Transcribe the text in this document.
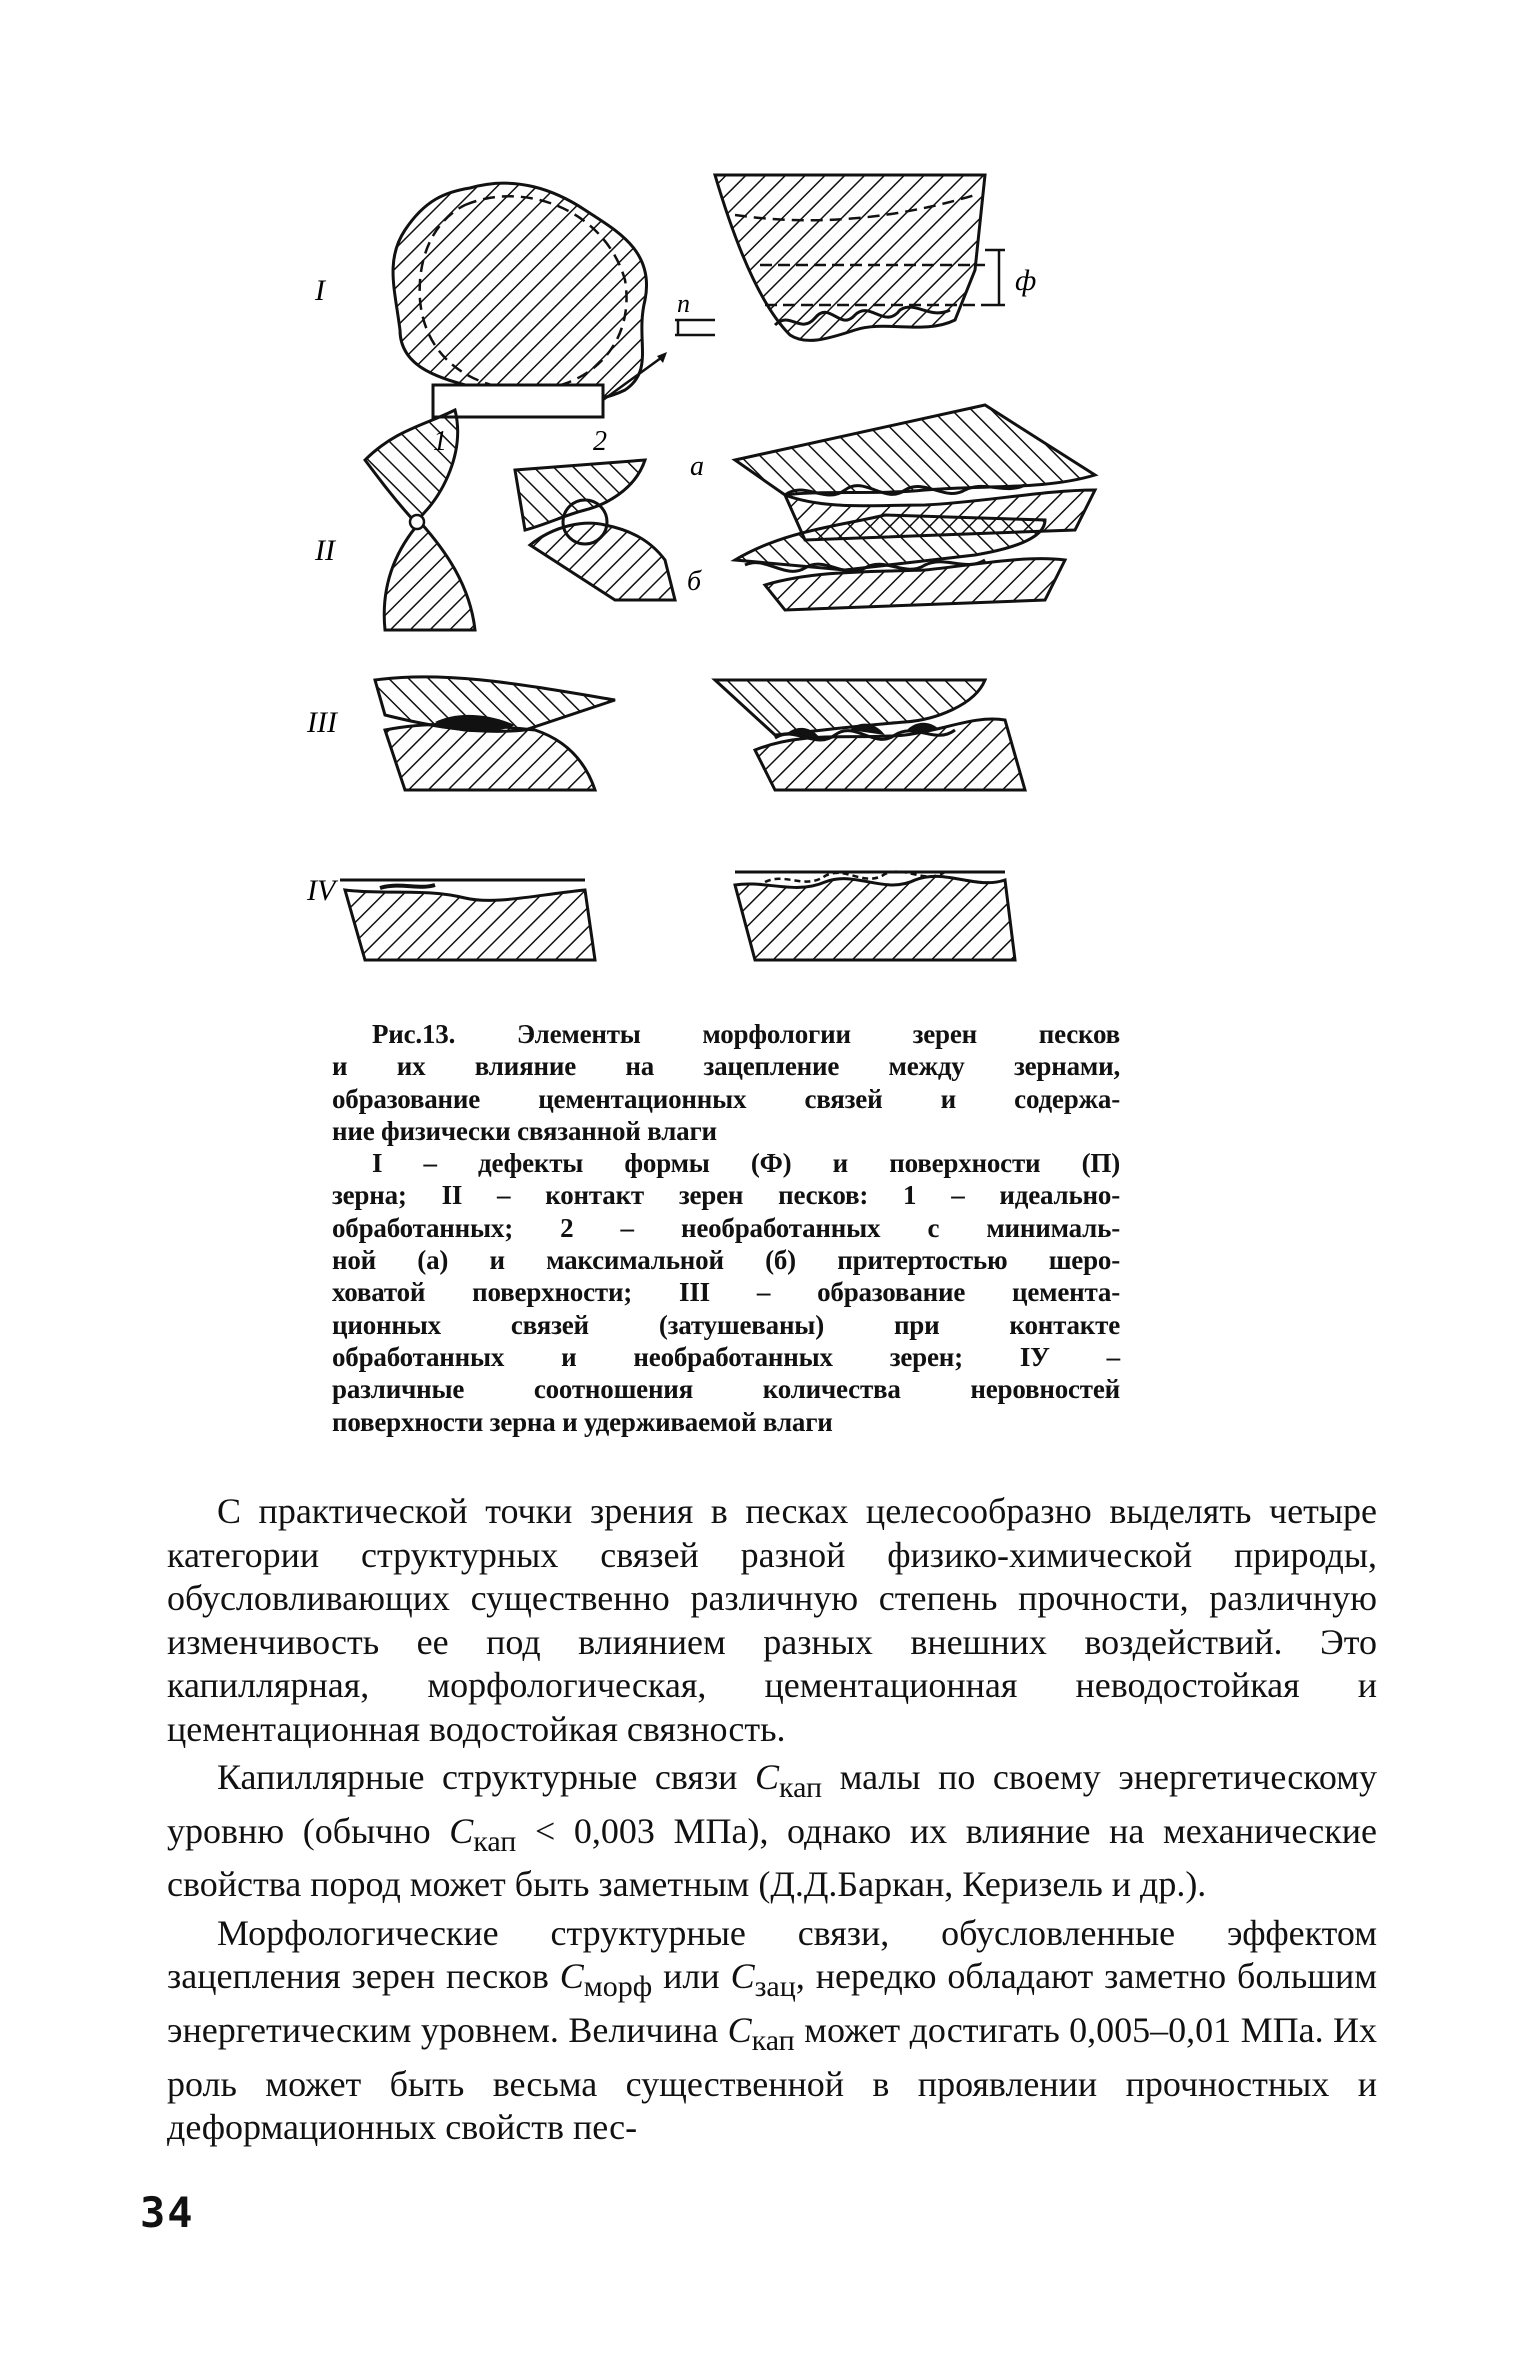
I
II
III
IV
ф
п
1	2
а
б
Рис.13. Элементы морфологии зерен песков
и их влияние на зацепление между зернами,
образование цементационных связей и содержа-
ние физически связанной влаги
I – дефекты формы (Ф) и поверхности (П)
зерна; II – контакт зерен песков: 1 – идеально-
обработанных; 2 – необработанных с минималь-
ной (а) и максимальной (б) притертостью шеро-
ховатой поверхности; III – образование цемента-
ционных связей (затушеваны) при контакте
обработанных и необработанных зерен; IУ –
различные соотношения количества неровностей
поверхности зерна и удерживаемой влаги

С практической точки зрения в песках целесообразно выделять четыре категории структурных связей разной физико-химической природы, обусловливающих существенно различную степень прочности, различную изменчивость ее под влиянием разных внешних воздействий. Это капиллярная, морфологическая, цементационная неводостойкая и цементационная водостойкая связность.

Капиллярные структурные связи $С_{кап}$ малы по своему энергетическому уровню (обычно $С_{кап} < 0,003$ МПа), однако их влияние на механические свойства пород может быть заметным (Д.Д.Баркан, Керизель и др.).

Морфологические структурные связи, обусловленные эффектом зацепления зерен песков $С_{морф}$ или $С_{зац}$, нередко обладают заметно большим энергетическим уровнем. Величина $С_{кап}$ может достигать 0,005–0,01 МПа. Их роль может быть весьма существенной в проявлении прочностных и деформационных свойств пес-

34
